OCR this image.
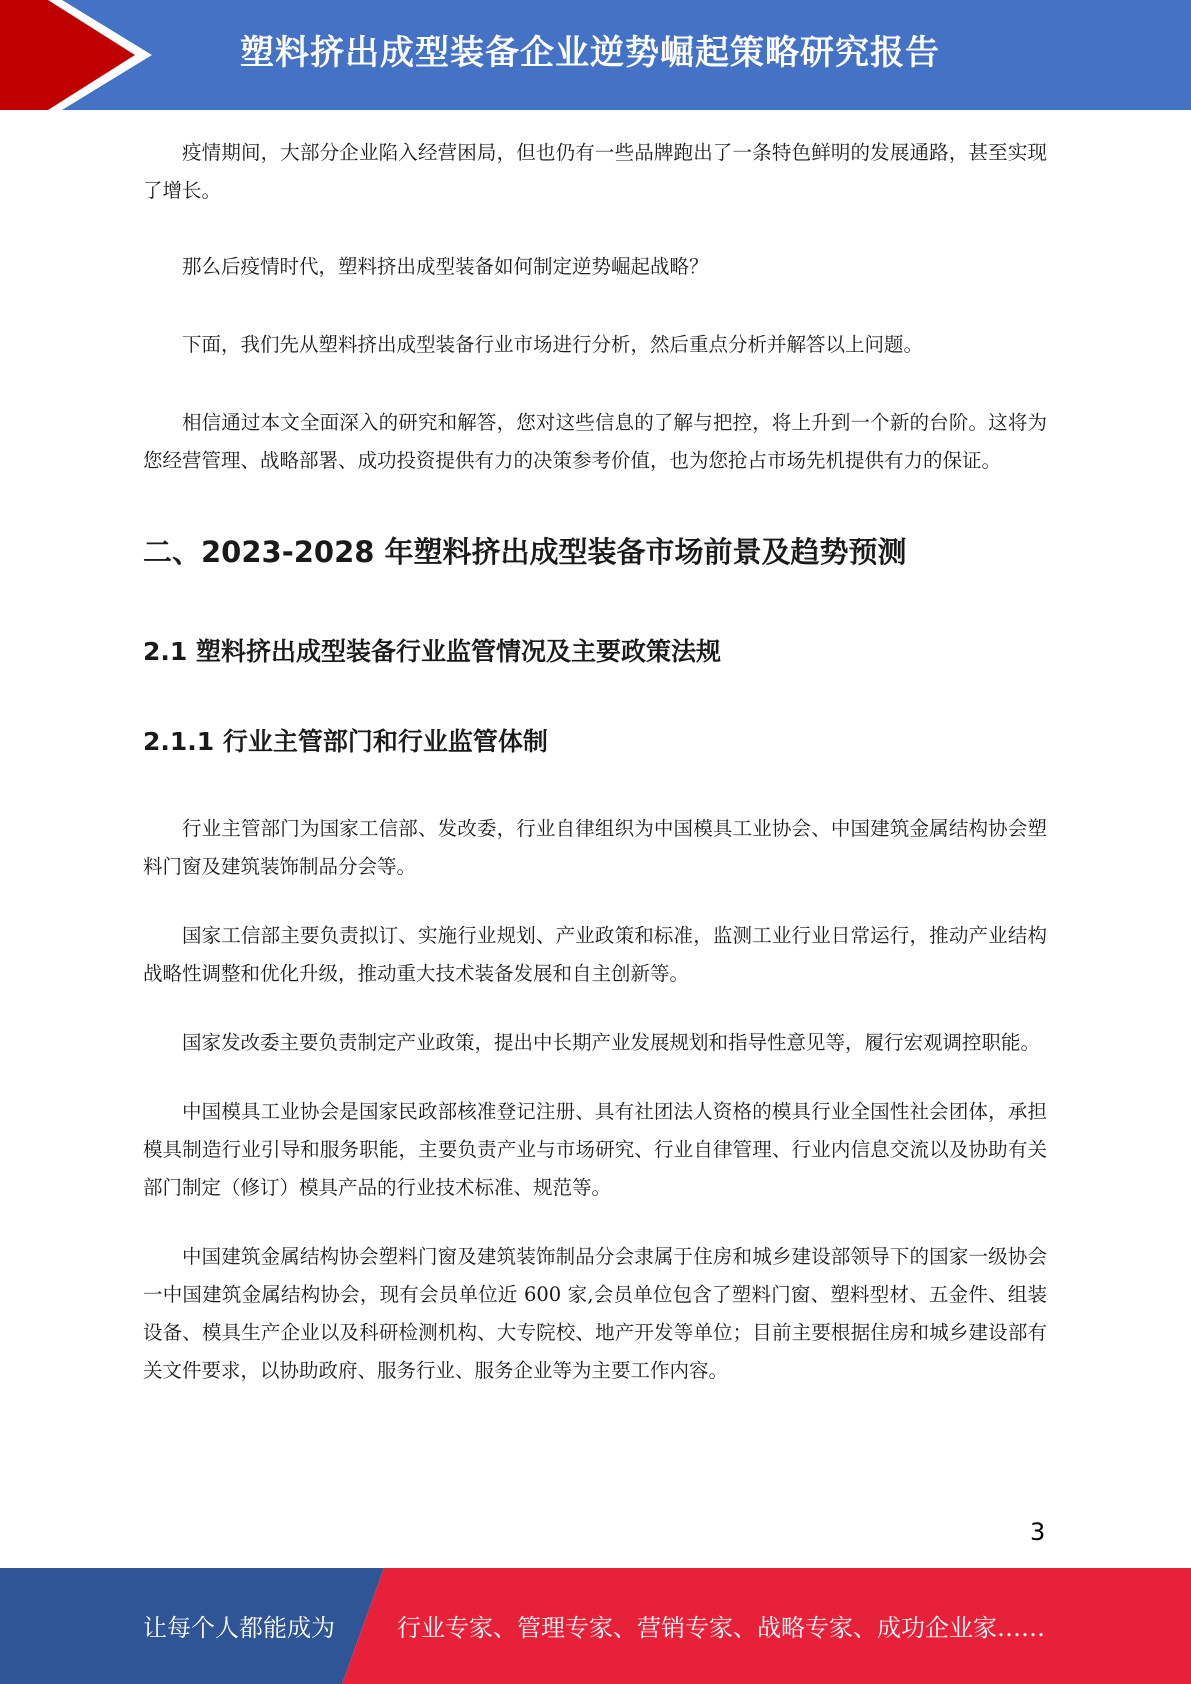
塑料挤出成型装备企业逆势崛起策略研究报告

疫情期间，大部分企业陷入经营困局，但也仍有一些品牌跑出了一条特色鲜明的发展通路，甚至实现了增长。

那么后疫情时代，塑料挤出成型装备如何制定逆势崛起战略？

下面，我们先从塑料挤出成型装备行业市场进行分析，然后重点分析并解答以上问题。

相信通过本文全面深入的研究和解答，您对这些信息的了解与把控，将上升到一个新的台阶。这将为您经营管理、战略部署、成功投资提供有力的决策参考价值，也为您抢占市场先机提供有力的保证。

二、2023-2028 年塑料挤出成型装备市场前景及趋势预测
2.1 塑料挤出成型装备行业监管情况及主要政策法规
2.1.1 行业主管部门和行业监管体制

行业主管部门为国家工信部、发改委，行业自律组织为中国模具工业协会、中国建筑金属结构协会塑料门窗及建筑装饰制品分会等。

国家工信部主要负责拟订、实施行业规划、产业政策和标准，监测工业行业日常运行，推动产业结构战略性调整和优化升级，推动重大技术装备发展和自主创新等。

国家发改委主要负责制定产业政策，提出中长期产业发展规划和指导性意见等，履行宏观调控职能。

中国模具工业协会是国家民政部核准登记注册、具有社团法人资格的模具行业全国性社会团体，承担模具制造行业引导和服务职能，主要负责产业与市场研究、行业自律管理、行业内信息交流以及协助有关部门制定（修订）模具产品的行业技术标准、规范等。

中国建筑金属结构协会塑料门窗及建筑装饰制品分会隶属于住房和城乡建设部领导下的国家一级协会一中国建筑金属结构协会，现有会员单位近 600 家,会员单位包含了塑料门窗、塑料型材、五金件、组装设备、模具生产企业以及科研检测机构、大专院校、地产开发等单位；目前主要根据住房和城乡建设部有关文件要求，以协助政府、服务行业、服务企业等为主要工作内容。

3
让每个人都能成为	行业专家、管理专家、营销专家、战略专家、成功企业家……
